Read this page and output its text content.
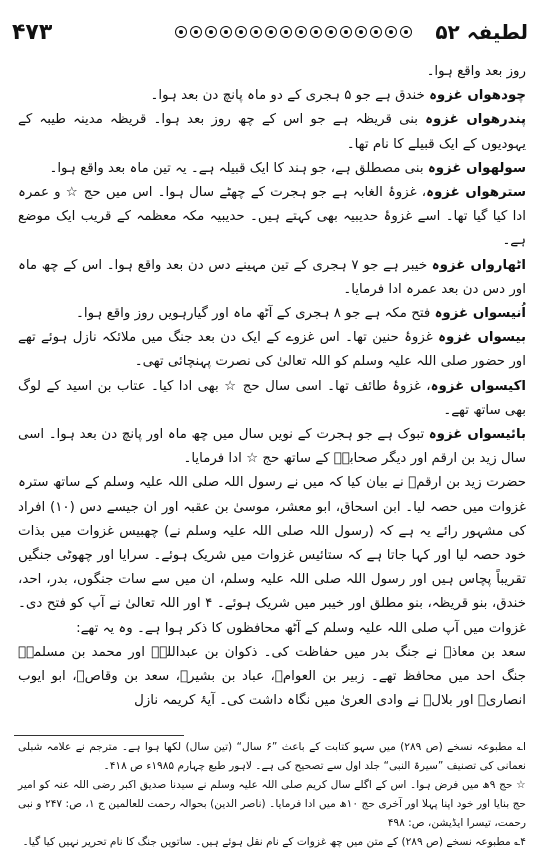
۴۷۳	لطیفہ ۵۲

روز بعد واقع ہوا۔

چودھواں غزوہ خندق ہے جو ۵ ہجری کے دو ماہ پانچ دن بعد ہوا۔

پندرھواں غزوہ بنی قریظہ ہے جو اس کے چھ روز بعد ہوا۔ قریظہ مدینہ طیبہ کے یہودیوں کے ایک قبیلے کا نام تھا۔

سولھواں غزوہ بنی مصطلق ہے، جو ہند کا ایک قبیلہ ہے۔ یہ تین ماہ بعد واقع ہوا۔

سترھواں غزوہ، غزوۂ الغابہ ہے جو ہجرت کے چھٹے سال ہوا۔ اس میں حج ☆ و عمرہ ادا کیا گیا تھا۔ اسے غزوۂ حدیبیہ بھی کہتے ہیں۔ حدیبیہ مکہ معظمہ کے قریب ایک موضع ہے۔

اٹھارواں غزوہ خیبر ہے جو ۷ ہجری کے تین مہینے دس دن بعد واقع ہوا۔ اس کے چھ ماہ اور دس دن بعد عمرہ ادا فرمایا۔

اُنیسواں غزوہ فتح مکہ ہے جو ۸ ہجری کے آٹھ ماہ اور گیارہویں روز واقع ہوا۔

بیسواں غزوہ غزوۂ حنین تھا۔ اس غزوے کے ایک دن بعد جنگ میں ملائکہ نازل ہوئے تھے اور حضور صلی اللہ علیہ وسلم کو اللہ تعالیٰ کی نصرت پہنچائی تھی۔

اکیسواں غزوہ، غزوۂ طائف تھا۔ اسی سال حج ☆ بھی ادا کیا۔ عتاب بن اسید کے لوگ بھی ساتھ تھے۔

بائیسواں غزوہ تبوک ہے جو ہجرت کے نویں سال میں چھ ماہ اور پانچ دن بعد ہوا۔ اسی سال زید بن ارقم اور دیگر صحابہؓ کے ساتھ حج ☆ ادا فرمایا۔

حضرت زید بن ارقمؓ نے بیان کیا کہ میں نے رسول اللہ صلی اللہ علیہ وسلم کے ساتھ سترہ غزوات میں حصہ لیا۔ ابن اسحاق، ابو معشر، موسیٰ بن عقبہ اور ان جیسے دس (۱۰) افراد کی مشہور رائے یہ ہے کہ (رسول اللہ صلی اللہ علیہ وسلم نے) چھبیس غزوات میں بذات خود حصہ لیا اور کہا جاتا ہے کہ ستائیس غزوات میں شریک ہوئے۔ سرایا اور چھوٹی جنگیں تقریباً پچاس ہیں اور رسول اللہ صلی اللہ علیہ وسلم، ان میں سے سات جنگوں، بدر، احد، خندق، بنو قریظہ، بنو مطلق اور خیبر میں شریک ہوئے۔ ۴ اور اللہ تعالیٰ نے آپ کو فتح دی۔ غزوات میں آپ صلی اللہ علیہ وسلم کے آٹھ محافظوں کا ذکر ہوا ہے۔ وہ یہ تھے:

سعد بن معاذؓ نے جنگ بدر میں حفاظت کی۔ ذکوان بن عبداللہؓ اور محمد بن مسلمہؓ جنگ احد میں محافظ تھے۔ زبیر بن العوامؓ، عباد بن بشیرؓ، سعد بن وقاصؓ، ابو ایوب انصاریؓ اور بلالؓ نے وادی العریٰ میں نگاہ داشت کی۔ آیۂ کریمہ نازل

ا؎ مطبوعہ نسخے (ص ۲۸۹) میں سہو کتابت کے باعث ”۶ سال“ (تین سال) لکھا ہوا ہے۔ مترجم نے علامہ شبلی نعمانی کی تصنیف ”سیرۃ النبی“ جلد اول سے تصحیح کی ہے۔ لاہور طبع چہارم ۱۹۸۵ء ص ۴۱۸۔

☆ حج ۹ھ میں فرض ہوا۔ اس کے اگلے سال کریم صلی اللہ علیہ وسلم نے سیدنا صدیق اکبر رضی اللہ عنہ کو امیر حج بنایا اور خود اپنا پہلا اور آخری حج ۱۰ھ میں ادا فرمایا۔ (ناصر الدین) بحوالہ رحمت للعالمین ج ۱، ص: ۲۴۷ و نبی رحمت، تیسرا ایڈیشن، ص: ۴۹۸

۴؎ مطبوعہ نسخے (ص ۲۸۹) کے متن میں چھ غزوات کے نام نقل ہوئے ہیں۔ ساتویں جنگ کا نام تحریر نہیں کیا گیا۔
